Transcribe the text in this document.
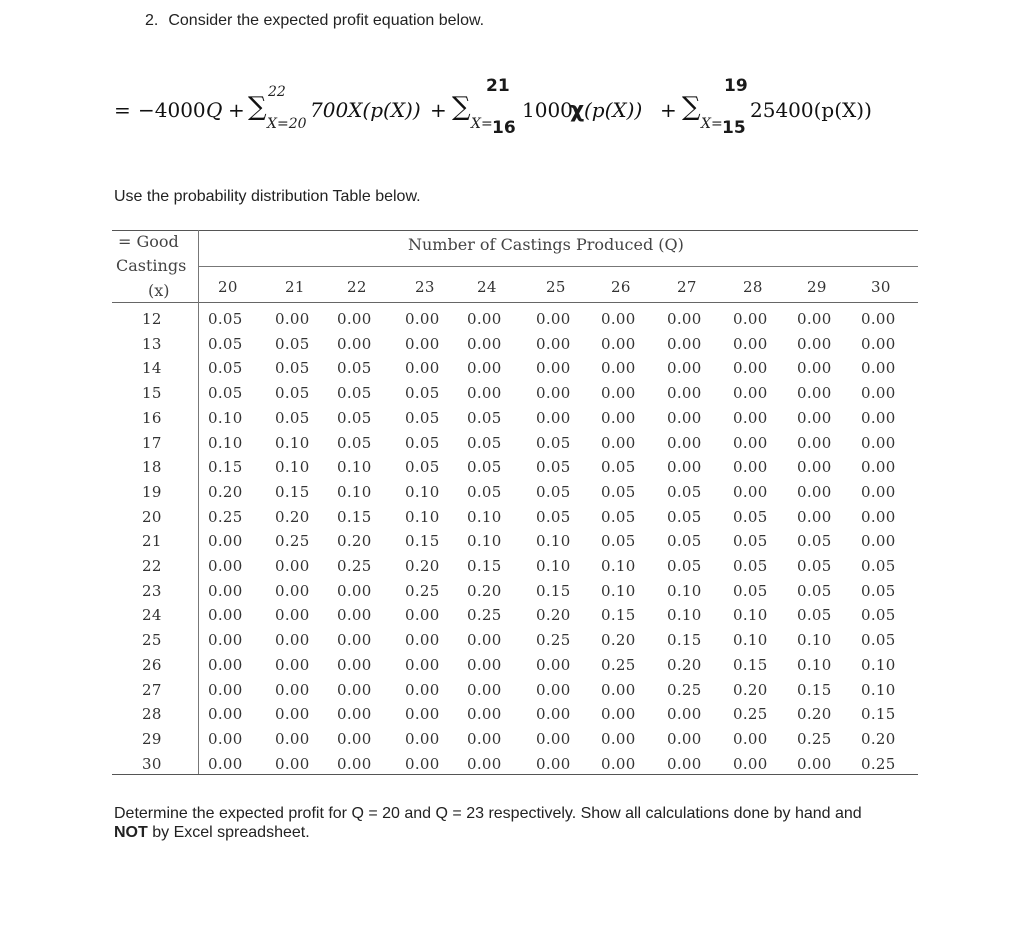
2. Consider the expected profit equation below.
= −4000 Q + ∑ 22
X=20
700X(p(X)) + ∑
21
X= 16
1000
χ (p(X)) + ∑
19
X= 15
25400(p(X))
Use the probability distribution Table below.
= Good
Castings
(x)
Number of Castings Produced (Q)
20	21	22	23	24	25	26	27	28	29	30
12	0.05 0.00 0.00 0.00 0.00 0.00 0.00 0.00 0.00 0.00 0.00
13	0.05 0.05 0.00 0.00 0.00 0.00 0.00 0.00 0.00 0.00 0.00
14	0.05 0.05 0.05 0.00 0.00 0.00 0.00 0.00 0.00 0.00 0.00
15	0.05 0.05 0.05 0.05 0.00 0.00 0.00 0.00 0.00 0.00 0.00
16	0.10 0.05 0.05 0.05 0.05 0.00 0.00 0.00 0.00 0.00 0.00
17	0.10 0.10 0.05 0.05 0.05 0.05 0.00 0.00 0.00 0.00 0.00
18	0.15 0.10 0.10 0.05 0.05 0.05 0.05 0.00 0.00 0.00 0.00
19	0.20 0.15 0.10 0.10 0.05 0.05 0.05 0.05 0.00 0.00 0.00
20	0.25 0.20 0.15 0.10 0.10 0.05 0.05 0.05 0.05 0.00 0.00
21	0.00 0.25 0.20 0.15 0.10 0.10 0.05 0.05 0.05 0.05 0.00
22	0.00 0.00 0.25 0.20 0.15 0.10 0.10 0.05 0.05 0.05 0.05
23	0.00 0.00 0.00 0.25 0.20 0.15 0.10 0.10 0.05 0.05 0.05
24	0.00 0.00 0.00 0.00 0.25 0.20 0.15 0.10 0.10 0.05 0.05
25	0.00 0.00 0.00 0.00 0.00 0.25 0.20 0.15 0.10 0.10 0.05
26	0.00 0.00 0.00 0.00 0.00 0.00 0.25 0.20 0.15 0.10 0.10
27	0.00 0.00 0.00 0.00 0.00 0.00 0.00 0.25 0.20 0.15 0.10
28	0.00 0.00 0.00 0.00 0.00 0.00 0.00 0.00 0.25 0.20 0.15
29	0.00 0.00 0.00 0.00 0.00 0.00 0.00 0.00 0.00 0.25 0.20
30	0.00 0.00 0.00 0.00 0.00 0.00 0.00 0.00 0.00 0.00 0.25
Determine the expected profit for Q = 20 and Q = 23 respectively. Show all calculations done by hand and
NOT by Excel spreadsheet.
